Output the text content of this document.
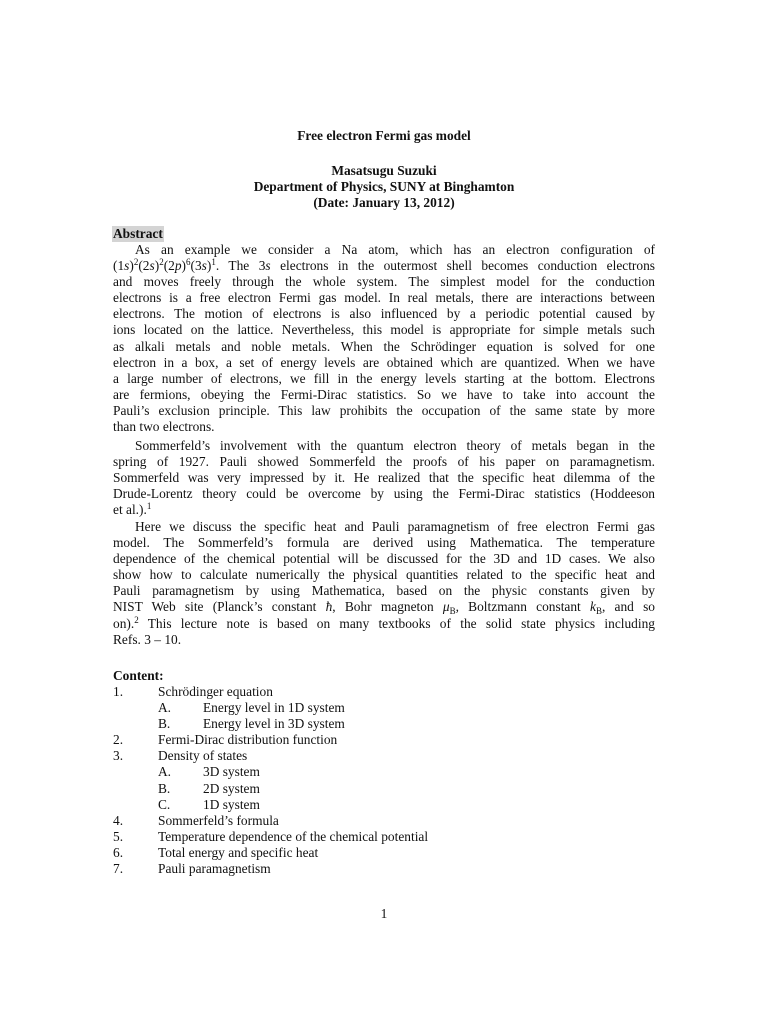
Free electron Fermi gas model
Masatsugu Suzuki
Department of Physics, SUNY at Binghamton
(Date: January 13, 2012)
Abstract
As an example we consider a Na atom, which has an electron configuration of
$(1s)^2(2s)^2(2p)^6(3s)^1$. The 3s electrons in the outermost shell becomes conduction electrons
and moves freely through the whole system. The simplest model for the conduction
electrons is a free electron Fermi gas model. In real metals, there are interactions between
electrons. The motion of electrons is also influenced by a periodic potential caused by
ions located on the lattice. Nevertheless, this model is appropriate for simple metals such
as alkali metals and noble metals. When the Schrödinger equation is solved for one
electron in a box, a set of energy levels are obtained which are quantized. When we have
a large number of electrons, we fill in the energy levels starting at the bottom. Electrons
are fermions, obeying the Fermi-Dirac statistics. So we have to take into account the
Pauli’s exclusion principle. This law prohibits the occupation of the same state by more
than two electrons.
Sommerfeld’s involvement with the quantum electron theory of metals began in the
spring of 1927. Pauli showed Sommerfeld the proofs of his paper on paramagnetism.
Sommerfeld was very impressed by it. He realized that the specific heat dilemma of the
Drude-Lorentz theory could be overcome by using the Fermi-Dirac statistics (Hoddeeson
et al.).$^1$
Here we discuss the specific heat and Pauli paramagnetism of free electron Fermi gas
model. The Sommerfeld’s formula are derived using Mathematica. The temperature
dependence of the chemical potential will be discussed for the 3D and 1D cases. We also
show how to calculate numerically the physical quantities related to the specific heat and
Pauli paramagnetism by using Mathematica, based on the physic constants given by
NIST Web site (Planck’s constant ħ, Bohr magneton $\mu_B$, Boltzmann constant $k_B$, and so
on).$^2$ This lecture note is based on many textbooks of the solid state physics including
Refs. 3 – 10.
Content:
1.	Schrödinger equation
A. Energy level in 1D system
B. Energy level in 3D system
2.	Fermi-Dirac distribution function
3.	Density of states
A. 3D system
B. 2D system
C. 1D system
4.	Sommerfeld’s formula
5.	Temperature dependence of the chemical potential
6.	Total energy and specific heat
7.	Pauli paramagnetism
1
